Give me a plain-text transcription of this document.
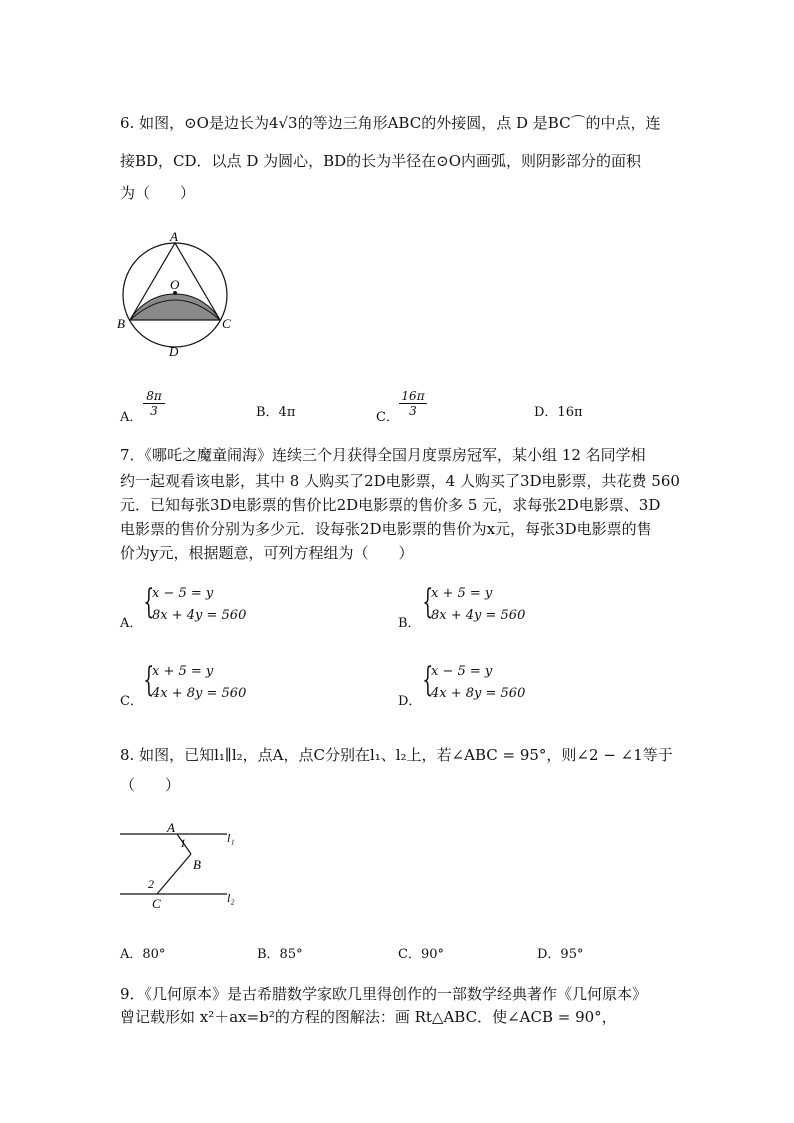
6. 如图，⊙O是边长为4√3的等边三角形ABC的外接圆，点 D 是BC⌒的中点，连
接BD，CD．以点 D 为圆心，BD的长为半径在⊙O内画弧，则阴影部分的面积
为（　　）
A
O
B	C
D
A． $\frac{8\pi}{3}$	B．4π	C． $\frac{16\pi}{3}$	D．16π
7．《哪吒之魔童闹海》连续三个月获得全国月度票房冠军，某小组 12 名同学相
约一起观看该电影，其中 8 人购买了2D电影票，4 人购买了3D电影票，共花费 560
元．已知每张3D电影票的售价比2D电影票的售价多 5 元，求每张2D电影票、3D
电影票的售价分别为多少元．设每张2D电影票的售价为x元，每张3D电影票的售
价为y元，根据题意，可列方程组为（　　）
A．
{
x − 5 = y
8x + 4y = 560
B．
{
x + 5 = y
8x + 4y = 560
C．
{
x + 5 = y
4x + 8y = 560
D．
{
x − 5 = y
4x + 8y = 560
8. 如图，已知l₁∥l₂，点A，点C分别在l₁、l₂上，若∠ABC = 95°，则∠2 − ∠1等于
（　　）
A
1
B
2
C
l₁
l₂
A．80°	B．85°	C．90°	D．95°
9．《几何原本》是古希腊数学家欧几里得创作的一部数学经典著作《几何原本》
曾记载形如 x²＋ax=b²的方程的图解法：画 Rt△ABC．使∠ACB = 90°，
